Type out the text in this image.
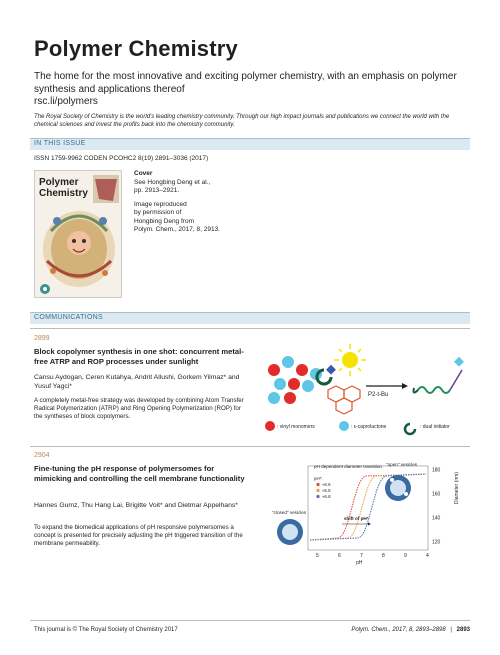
Polymer Chemistry
The home for the most innovative and exciting polymer chemistry, with an emphasis on polymer synthesis and applications thereof
rsc.li/polymers
The Royal Society of Chemistry is the world's leading chemistry community. Through our high impact journals and publications we connect the world with the chemical sciences and invest the profits back into the chemistry community.
IN THIS ISSUE
ISSN 1759-9962 CODEN PCOHC2 8(19) 2891–3036 (2017)
Polymer
Chemistry
Cover
See Hongbing Deng et al.,
pp. 2913–2921.
Image reproduced
by permission of
Hongbing Deng from
Polym. Chem., 2017, 8, 2913.
COMMUNICATIONS
2899
Block copolymer synthesis in one shot: concurrent metal-free ATRP and ROP processes under sunlight
Cansu Aydogan, Ceren Kutahya, Andrit Allushi, Gorkem Yilmaz* and Yusuf Yagci*
A completely metal-free strategy was developed by combining Atom Transfer Radical Polymerization (ATRP) and Ring Opening Polymerization (ROP) for the syntheses of block copolymers.
P2-t-Bu
: vinyl monomers	: ε-caprolactone	: dual initiator
2904
Fine-tuning the pH response of polymersomes for mimicking and controlling the cell membrane functionality
Hannes Gumz, Thu Hang Lai, Brigitte Voit* and Dietmar Appelhans*
To expand the biomedical applications of pH responsive polymersomes a concept is presented for precisely adjusting the pH triggered transition of the membrane permeability.
180
160
140
120
5	6	7	8	9	4
pH
Diameter (nm)
pH dependent diameter transition "open" vesicles
"closed" vesicles
shift of pH*
pH*:
≈6.6
≈5.5
≈6.8
This journal is © The Royal Society of Chemistry 2017	Polym. Chem., 2017, 8, 2893–2898 | 2893
